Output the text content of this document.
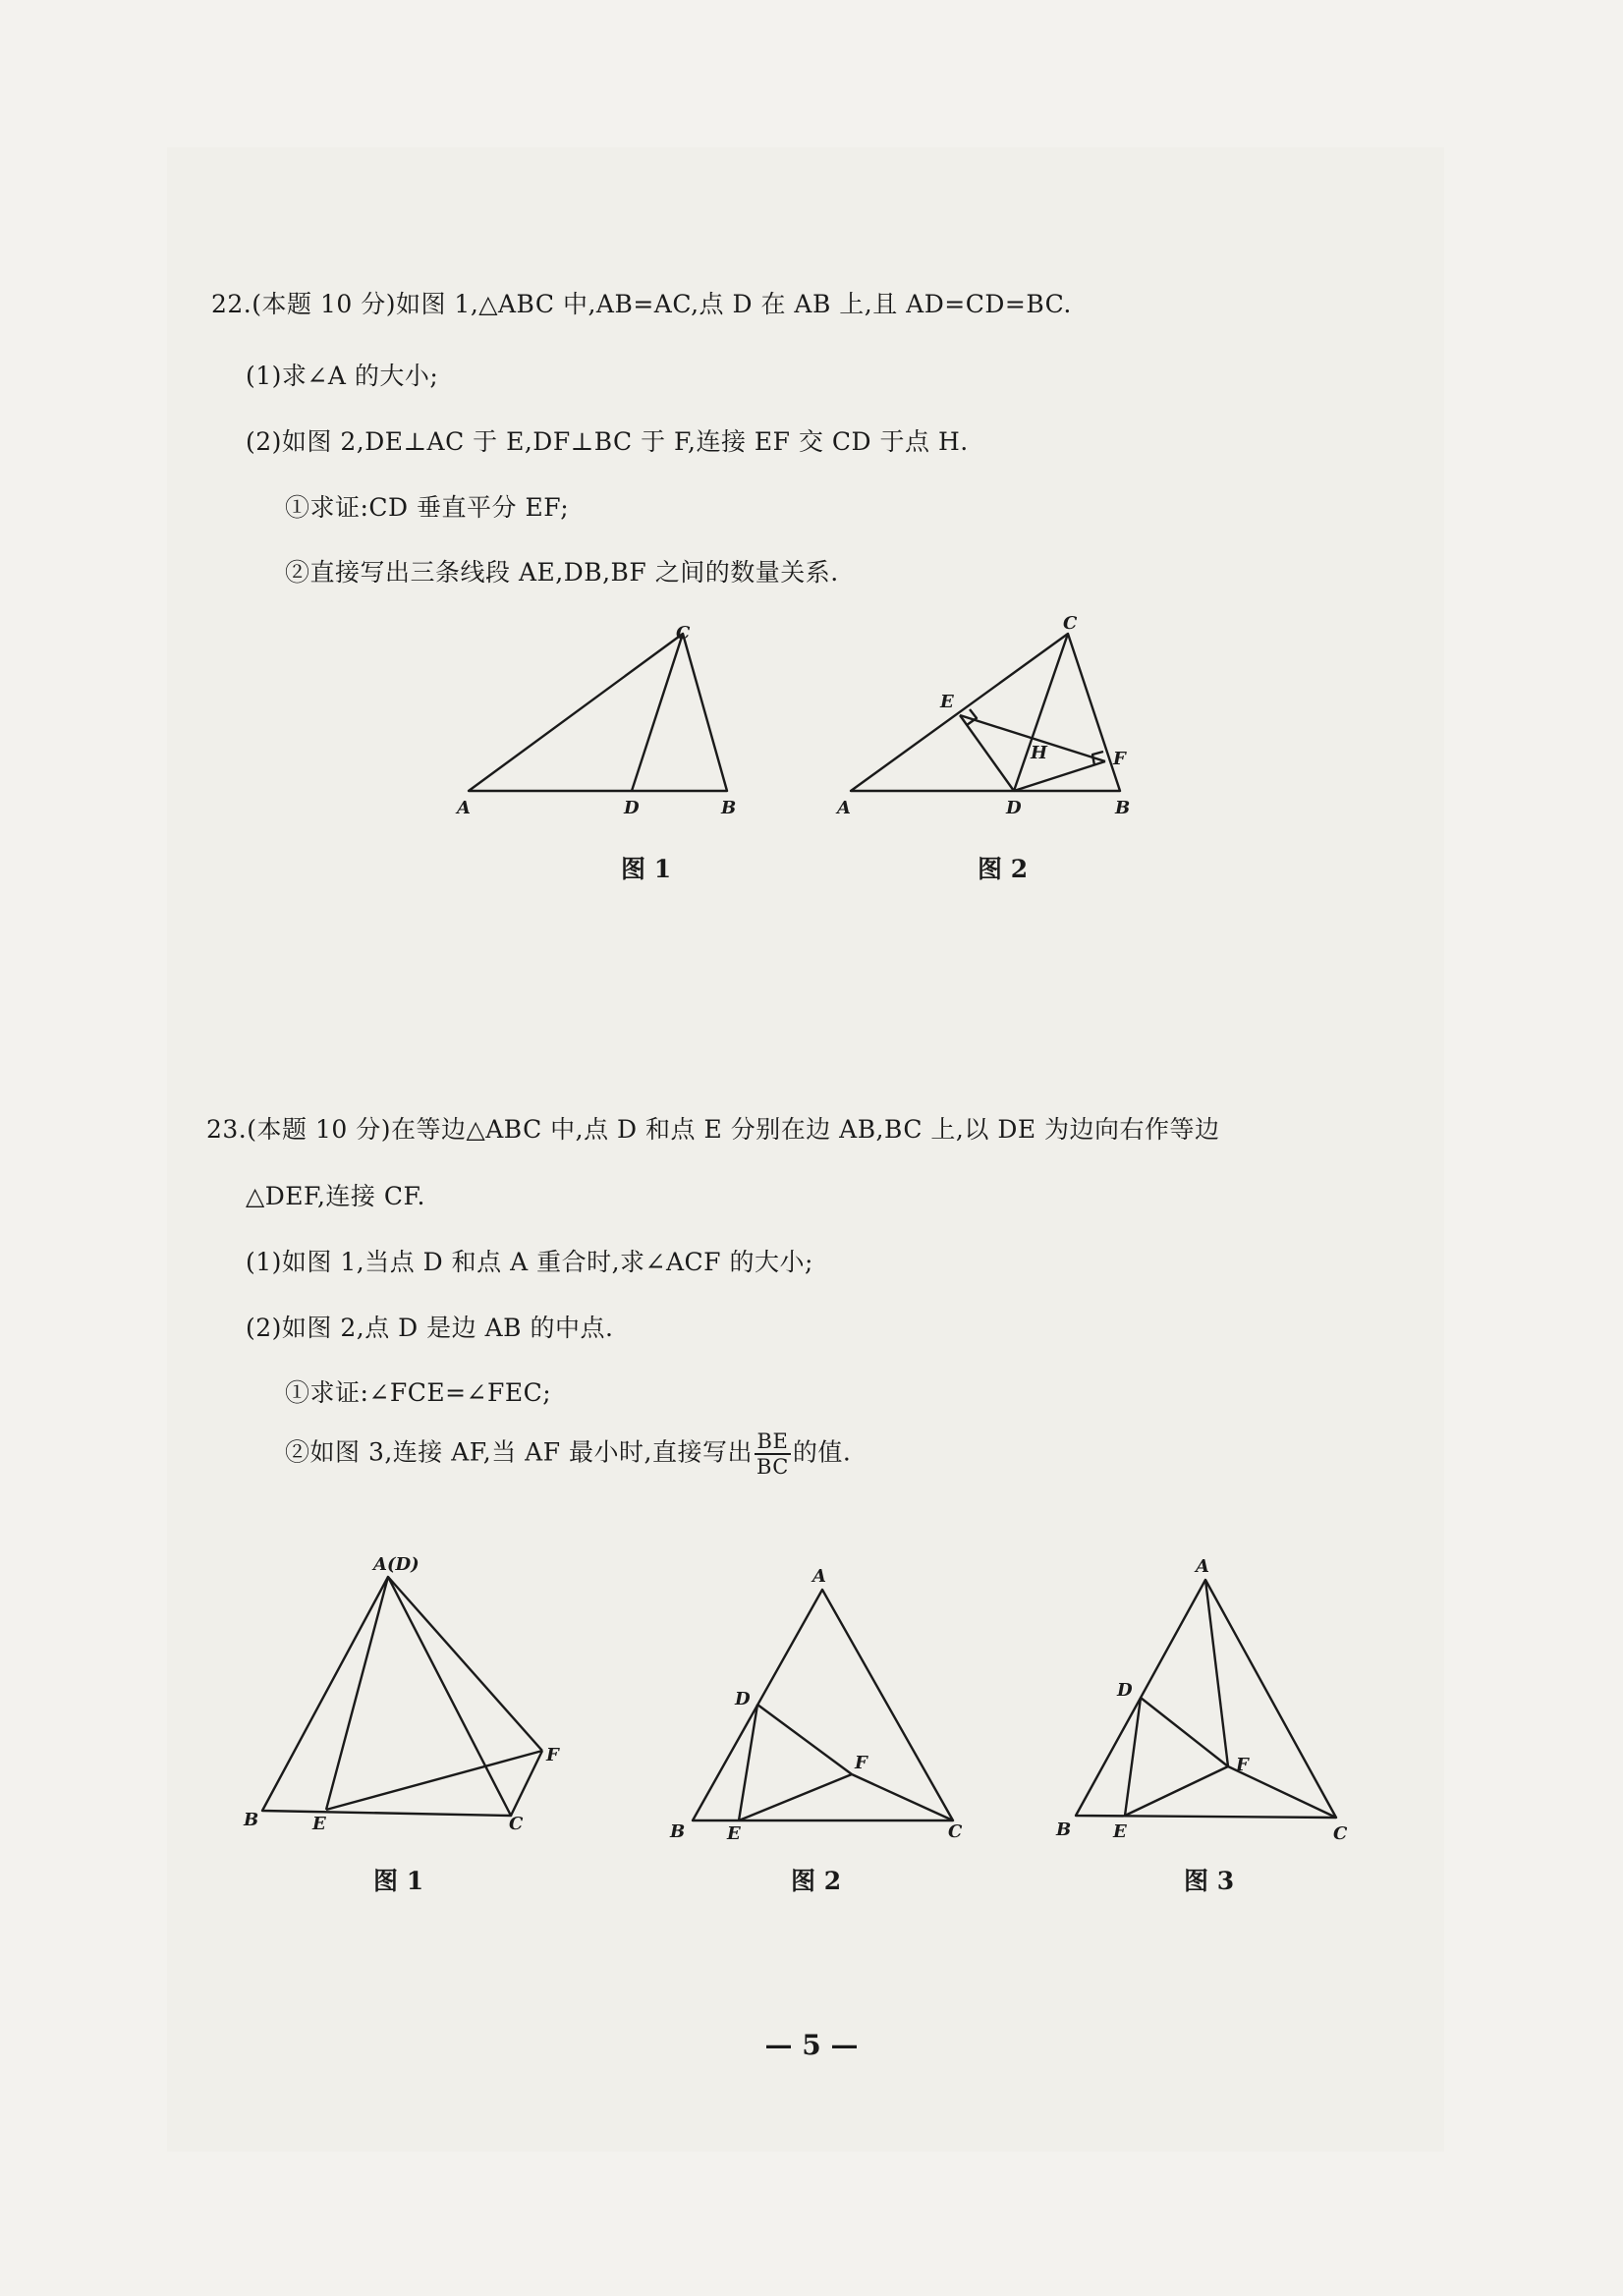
22.(本题 10 分)如图 1,△ABC 中,AB=AC,点 D 在 AB 上,且 AD=CD=BC.
(1)求∠A 的大小;
(2)如图 2,DE⊥AC 于 E,DF⊥BC 于 F,连接 EF 交 CD 于点 H.
①求证:CD 垂直平分 EF;
②直接写出三条线段 AE,DB,BF 之间的数量关系.
A	B
C
D
图 1
A	B
C
D
E
F
H
图 2
23.(本题 10 分)在等边△ABC 中,点 D 和点 E 分别在边 AB,BC 上,以 DE 为边向右作等边
△DEF,连接 CF.
(1)如图 1,当点 D 和点 A 重合时,求∠ACF 的大小;
(2)如图 2,点 D 是边 AB 的中点.
①求证:∠FCE=∠FEC;
②如图 3,连接 AF,当 AF 最小时,直接写出 $\frac{BE}{BC}$ 的值.
A(D)
B	C
E
F
图 1
A
B	C
D
E
F
图 2
A
B	C
D
E
F
图 3
— 5 —
